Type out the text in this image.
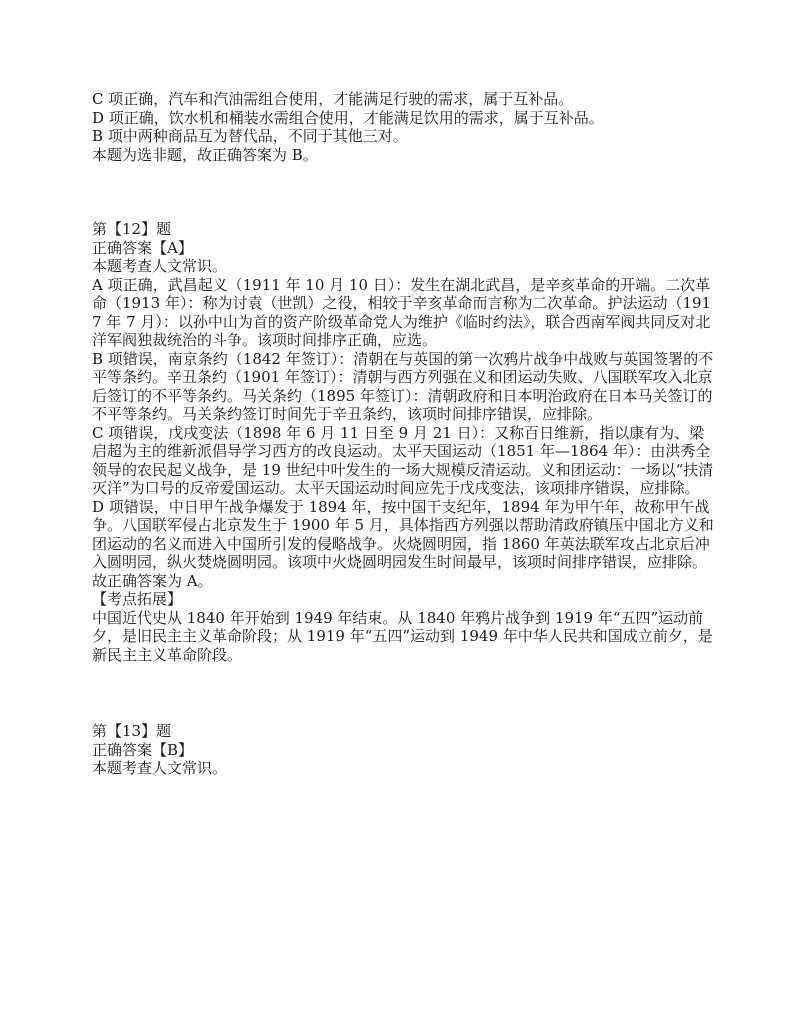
C 项正确，汽车和汽油需组合使用，才能满足行驶的需求，属于互补品。

D 项正确，饮水机和桶装水需组合使用，才能满足饮用的需求，属于互补品。

B 项中两种商品互为替代品，不同于其他三对。

本题为选非题，故正确答案为 B。

第【12】题

正确答案【A】

本题考查人文常识。

A 项正确，武昌起义（1911 年 10 月 10 日）：发生在湖北武昌，是辛亥革命的开端。二次革命（1913 年）：称为讨袁（世凯）之役，相较于辛亥革命而言称为二次革命。护法运动（1917 年 7 月）：以孙中山为首的资产阶级革命党人为维护《临时约法》，联合西南军阀共同反对北洋军阀独裁统治的斗争。该项时间排序正确，应选。

B 项错误，南京条约（1842 年签订）：清朝在与英国的第一次鸦片战争中战败与英国签署的不平等条约。辛丑条约（1901 年签订）：清朝与西方列强在义和团运动失败、八国联军攻入北京后签订的不平等条约。马关条约（1895 年签订）：清朝政府和日本明治政府在日本马关签订的不平等条约。马关条约签订时间先于辛丑条约，该项时间排序错误，应排除。

C 项错误，戊戌变法（1898 年 6 月 11 日至 9 月 21 日）：又称百日维新，指以康有为、梁启超为主的维新派倡导学习西方的改良运动。太平天国运动（1851 年—1864 年）：由洪秀全领导的农民起义战争，是 19 世纪中叶发生的一场大规模反清运动。义和团运动：一场以“扶清灭洋”为口号的反帝爱国运动。太平天国运动时间应先于戊戌变法，该项排序错误，应排除。

D 项错误，中日甲午战争爆发于 1894 年，按中国干支纪年，1894 年为甲午年，故称甲午战争。八国联军侵占北京发生于 1900 年 5 月，具体指西方列强以帮助清政府镇压中国北方义和团运动的名义而进入中国所引发的侵略战争。火烧圆明园，指 1860 年英法联军攻占北京后冲入圆明园，纵火焚烧圆明园。该项中火烧圆明园发生时间最早，该项时间排序错误，应排除。

故正确答案为 A。

【考点拓展】

中国近代史从 1840 年开始到 1949 年结束。从 1840 年鸦片战争到 1919 年“五四”运动前夕，是旧民主主义革命阶段；从 1919 年“五四”运动到 1949 年中华人民共和国成立前夕，是新民主主义革命阶段。

第【13】题

正确答案【B】

本题考查人文常识。
